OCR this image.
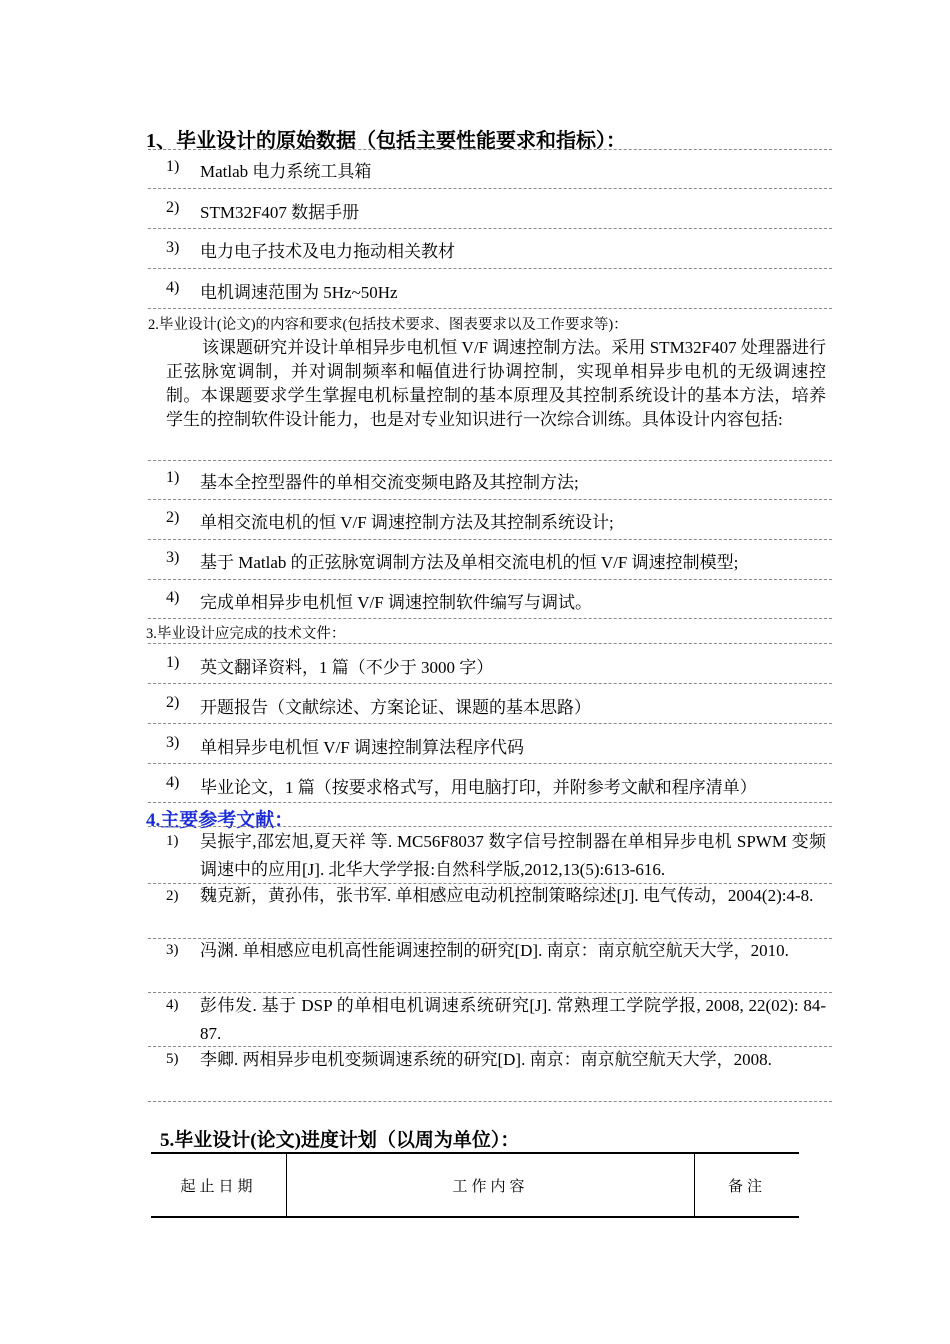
1、毕业设计的原始数据（包括主要性能要求和指标）：
1) Matlab 电力系统工具箱
2) STM32F407 数据手册
3) 电力电子技术及电力拖动相关教材
4) 电机调速范围为 5Hz~50Hz
2.毕业设计(论文)的内容和要求(包括技术要求、图表要求以及工作要求等)：
该课题研究并设计单相异步电机恒 V/F 调速控制方法。采用 STM32F407 处理器进行正弦脉宽调制，并对调制频率和幅值进行协调控制，实现单相异步电机的无级调速控制。本课题要求学生掌握电机标量控制的基本原理及其控制系统设计的基本方法，培养学生的控制软件设计能力，也是对专业知识进行一次综合训练。具体设计内容包括:
1) 基本全控型器件的单相交流变频电路及其控制方法;
2) 单相交流电机的恒 V/F 调速控制方法及其控制系统设计;
3) 基于 Matlab 的正弦脉宽调制方法及单相交流电机的恒 V/F 调速控制模型;
4) 完成单相异步电机恒 V/F 调速控制软件编写与调试。
3.毕业设计应完成的技术文件：
1) 英文翻译资料，1 篇（不少于 3000 字）
2) 开题报告（文献综述、方案论证、课题的基本思路）
3) 单相异步电机恒 V/F 调速控制算法程序代码
4) 毕业论文，1 篇（按要求格式写，用电脑打印，并附参考文献和程序清单）
4.主要参考文献：
1) 吴振宇,邵宏旭,夏天祥 等. MC56F8037 数字信号控制器在单相异步电机 SPWM 变频调速中的应用[J]. 北华大学学报:自然科学版,2012,13(5):613-616.
2) 魏克新，黄孙伟，张书军. 单相感应电动机控制策略综述[J]. 电气传动，2004(2):4-8.
3) 冯渊. 单相感应电机高性能调速控制的研究[D]. 南京：南京航空航天大学，2010.
4) 彭伟发. 基于 DSP 的单相电机调速系统研究[J]. 常熟理工学院学报, 2008, 22(02): 84-87.
5) 李卿. 两相异步电机变频调速系统的研究[D]. 南京：南京航空航天大学，2008.
5.毕业设计(论文)进度计划（以周为单位）：
起止日期	工作内容	备注
